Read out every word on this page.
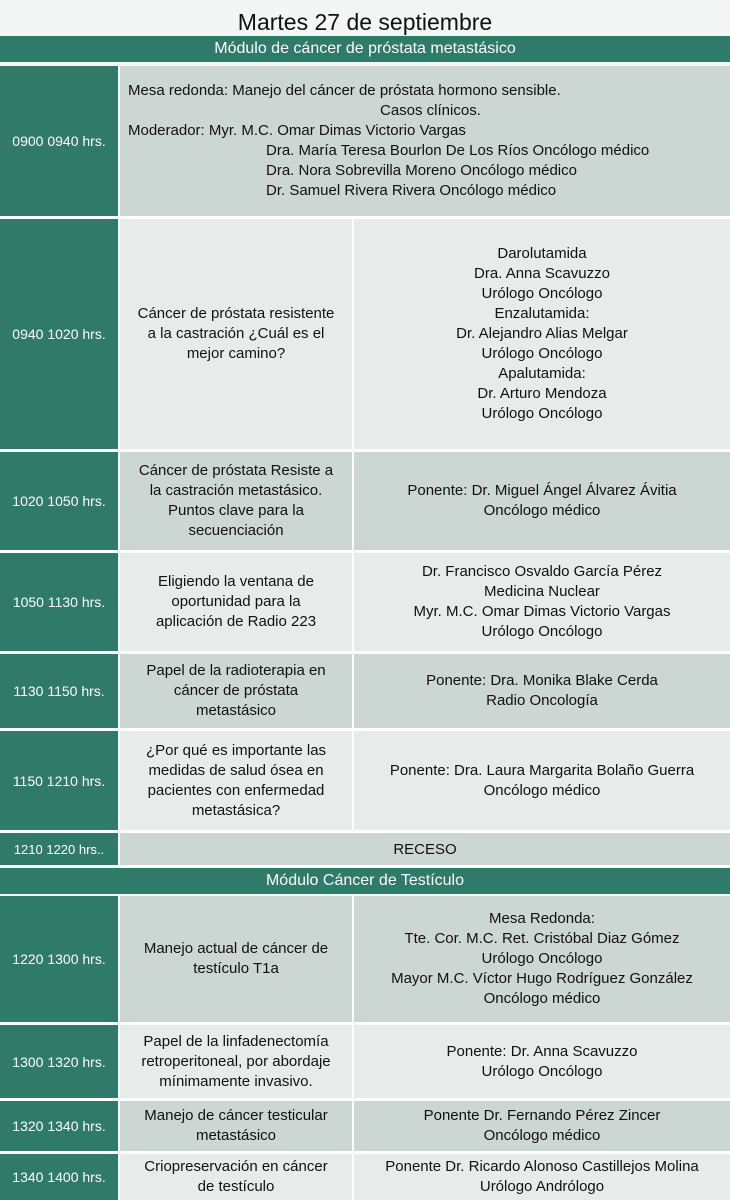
Martes 27 de septiembre
Módulo de cáncer de próstata metastásico
0900 0940 hrs.
Mesa redonda: Manejo del cáncer de próstata hormono sensible.
Casos clínicos.
Moderador: Myr. M.C. Omar Dimas Victorio Vargas
Dra. María Teresa Bourlon De Los Ríos Oncólogo médico
Dra. Nora Sobrevilla Moreno Oncólogo médico
Dr. Samuel Rivera Rivera Oncólogo médico
0940 1020 hrs.
Cáncer de próstata resistente
a la castración ¿Cuál es el
mejor camino?
Darolutamida
Dra. Anna Scavuzzo
Urólogo Oncólogo
Enzalutamida:
Dr. Alejandro Alias Melgar
Urólogo Oncólogo
Apalutamida:
Dr. Arturo Mendoza
Urólogo Oncólogo
1020 1050 hrs.
Cáncer de próstata Resiste a
la castración metastásico.
Puntos clave para la
secuenciación
Ponente: Dr. Miguel Ángel Álvarez Ávitia
Oncólogo médico
1050 1130 hrs.
Eligiendo la ventana de
oportunidad para la
aplicación de Radio 223
Dr. Francisco Osvaldo García Pérez
Medicina Nuclear
Myr. M.C. Omar Dimas Victorio Vargas
Urólogo Oncólogo
1130 1150 hrs.
Papel de la radioterapia en
cáncer de próstata
metastásico
Ponente: Dra. Monika Blake Cerda
Radio Oncología
1150 1210 hrs.
¿Por qué es importante las
medidas de salud ósea en
pacientes con enfermedad
metastásica?
Ponente: Dra. Laura Margarita Bolaño Guerra
Oncólogo médico
1210 1220 hrs..	RECESO
Módulo Cáncer de Testículo
1220 1300 hrs.
Manejo actual de cáncer de
testículo T1a
Mesa Redonda:
Tte. Cor. M.C. Ret. Cristóbal Diaz Gómez
Urólogo Oncólogo
Mayor M.C. Víctor Hugo Rodríguez González
Oncólogo médico
1300 1320 hrs.
Papel de la linfadenectomía
retroperitoneal, por abordaje
mínimamente invasivo.
Ponente: Dr. Anna Scavuzzo
Urólogo Oncólogo
1320 1340 hrs.
Manejo de cáncer testicular
metastásico
Ponente Dr. Fernando Pérez Zincer
Oncólogo médico
1340 1400 hrs.
Criopreservación en cáncer
de testículo
Ponente Dr. Ricardo Alonoso Castillejos Molina
Urólogo Andrólogo
